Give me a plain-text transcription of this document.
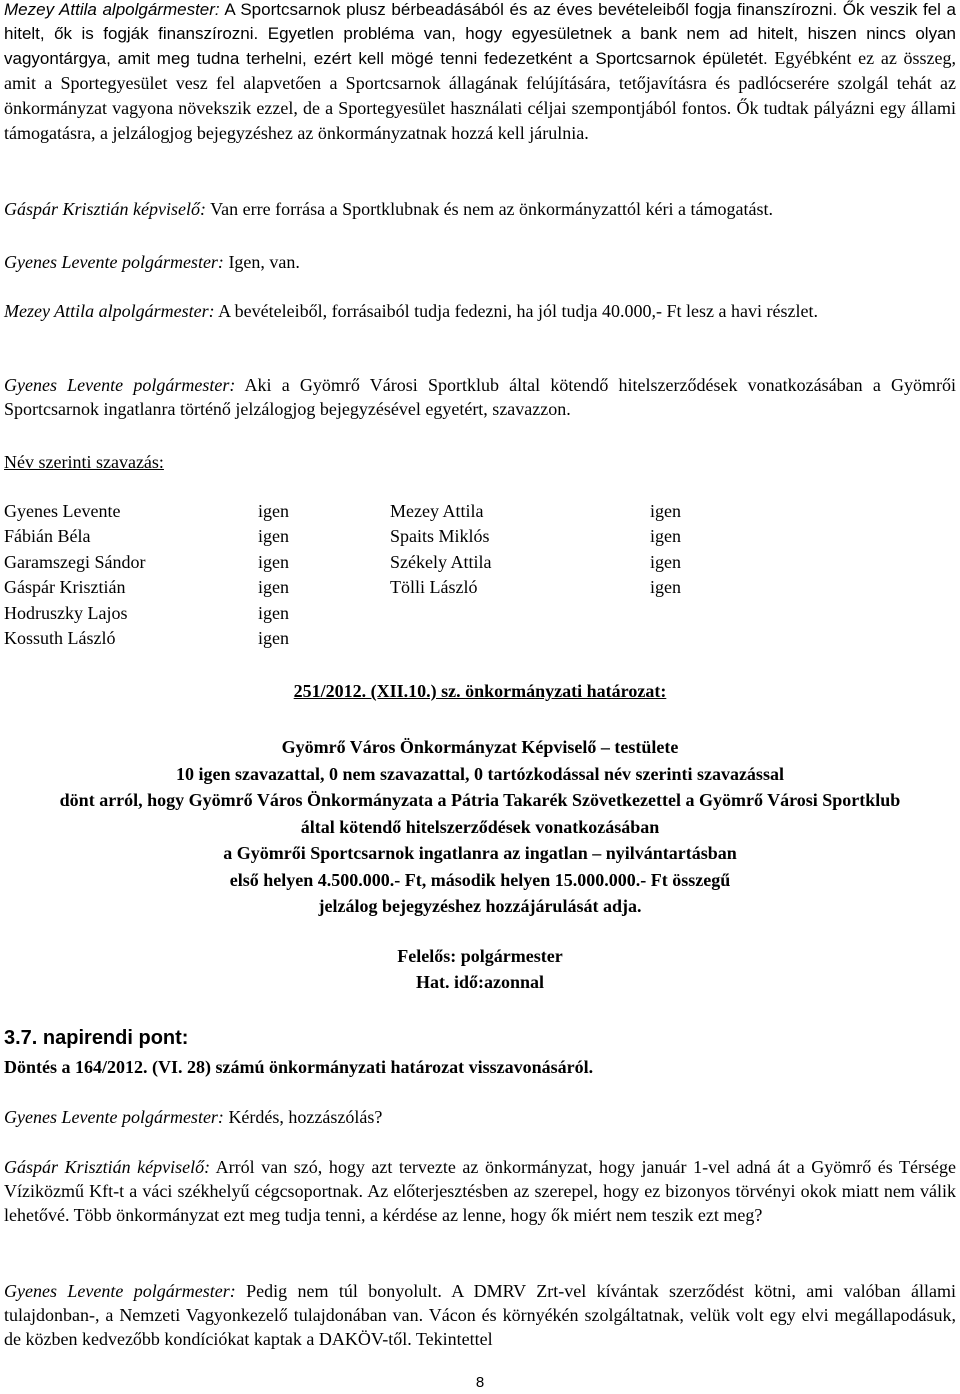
Mezey Attila alpolgármester: A Sportcsarnok plusz bérbeadásából és az éves bevételeiből fogja finanszírozni. Ők veszik fel a hitelt, ők is fogják finanszírozni. Egyetlen probléma van, hogy egyesületnek a bank nem ad hitelt, hiszen nincs olyan vagyontárgya, amit meg tudna terhelni, ezért kell mögé tenni fedezetként a Sportcsarnok épületét. Egyébként ez az összeg, amit a Sportegyesület vesz fel alapvetően a Sportcsarnok állagának felújítására, tetőjavításra és padlócserére szolgál tehát az önkormányzat vagyona növekszik ezzel, de a Sportegyesület használati céljai szempontjából fontos. Ők tudtak pályázni egy állami támogatásra, a jelzálogjog bejegyzéshez az önkormányzatnak hozzá kell járulnia.

Gáspár Krisztián képviselő: Van erre forrása a Sportklubnak és nem az önkormányzattól kéri a támogatást.

Gyenes Levente polgármester: Igen, van.

Mezey Attila alpolgármester: A bevételeiből, forrásaiból tudja fedezni, ha jól tudja 40.000,- Ft lesz a havi részlet.

Gyenes Levente polgármester: Aki a Gyömrő Városi Sportklub által kötendő hitelszerződések vonatkozásában a Gyömrői Sportcsarnok ingatlanra történő jelzálogjog bejegyzésével egyetért, szavazzon.

Név szerinti szavazás:

Gyenes Levente	igen	Mezey Attila	igen
Fábián Béla	igen	Spaits Miklós	igen
Garamszegi Sándor	igen	Székely Attila	igen
Gáspár Krisztián	igen	Tölli László	igen
Hodruszky Lajos	igen
Kossuth László	igen

251/2012. (XII.10.) sz. önkormányzati határozat:

Gyömrő Város Önkormányzat Képviselő – testülete

10 igen szavazattal, 0 nem szavazattal, 0 tartózkodással név szerinti szavazással

dönt arról, hogy Gyömrő Város Önkormányzata a Pátria Takarék Szövetkezettel a Gyömrő Városi Sportklub

által kötendő hitelszerződések vonatkozásában

a Gyömrői Sportcsarnok ingatlanra az ingatlan – nyilvántartásban

első helyen 4.500.000.- Ft, második helyen 15.000.000.- Ft összegű

jelzálog bejegyzéshez hozzájárulását adja.

Felelős: polgármester

Hat. idő:azonnal

3.7. napirendi pont:

Döntés a 164/2012. (VI. 28) számú önkormányzati határozat visszavonásáról.

Gyenes Levente polgármester: Kérdés, hozzászólás?

Gáspár Krisztián képviselő: Arról van szó, hogy azt tervezte az önkormányzat, hogy január 1-vel adná át a Gyömrő és Térsége Víziközmű Kft-t a váci székhelyű cégcsoportnak. Az előterjesztésben az szerepel, hogy ez bizonyos törvényi okok miatt nem válik lehetővé. Több önkormányzat ezt meg tudja tenni, a kérdése az lenne, hogy ők miért nem teszik ezt meg?

Gyenes Levente polgármester: Pedig nem túl bonyolult. A DMRV Zrt-vel kívántak szerződést kötni, ami valóban állami tulajdonban-, a Nemzeti Vagyonkezelő tulajdonában van. Vácon és környékén szolgáltatnak, velük volt egy elvi megállapodásuk, de közben kedvezőbb kondíciókat kaptak a DAKÖV-től. Tekintettel

8
